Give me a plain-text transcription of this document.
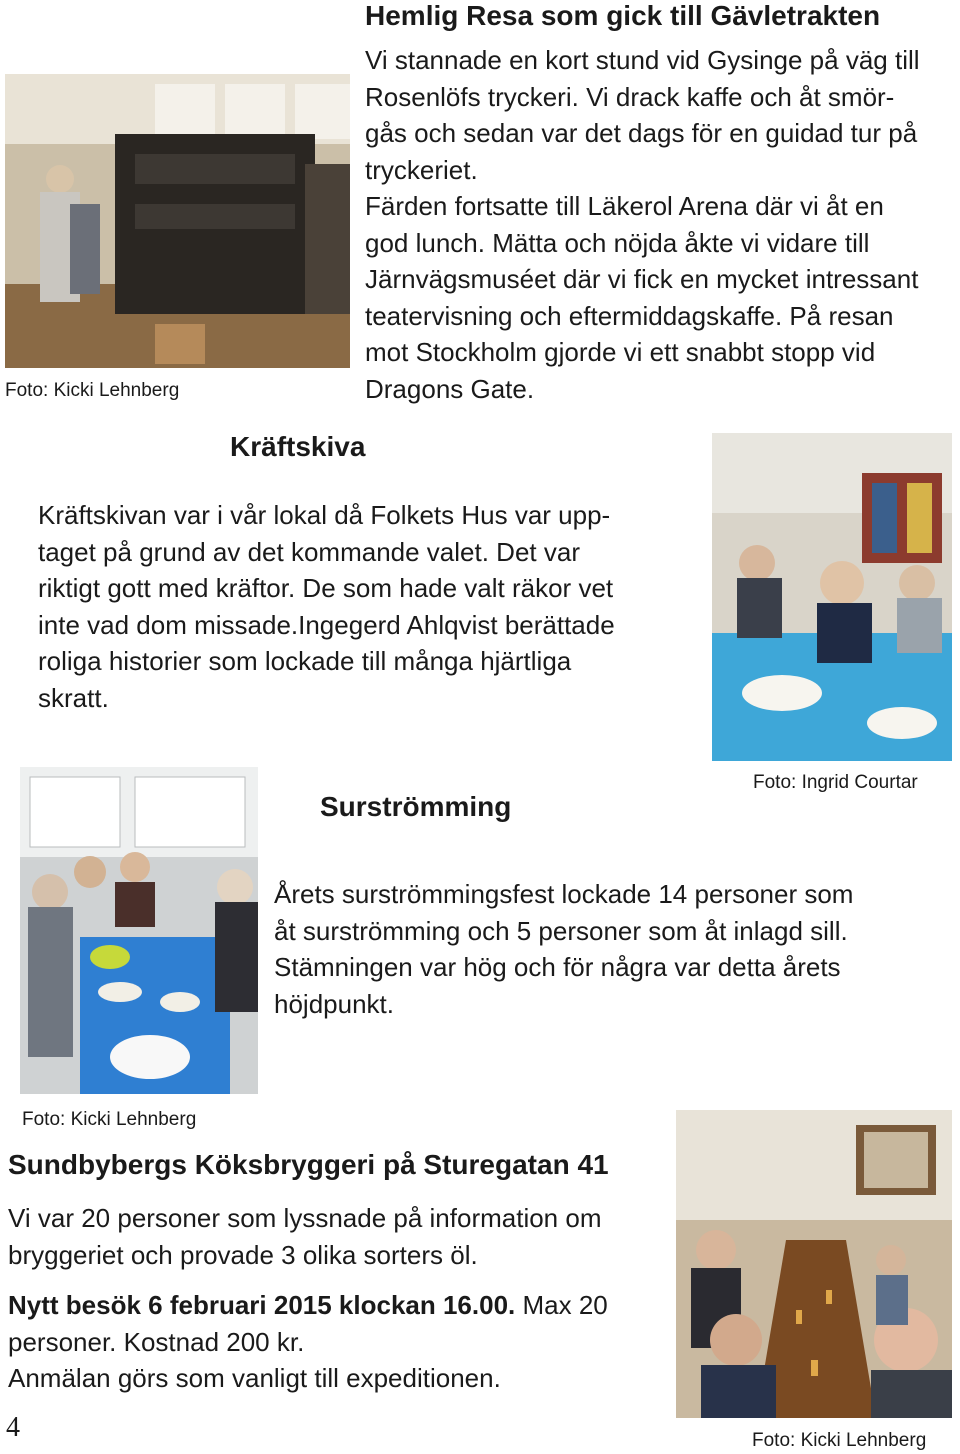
Hemlig Resa som gick till Gävletrakten
Foto: Kicki Lehnberg

Vi stannade en kort stund vid Gysinge på väg till
Rosenlöfs tryckeri. Vi drack kaffe och åt smör-
gås och sedan var det dags för en guidad tur på
tryckeriet.
Färden fortsatte till Läkerol Arena där vi åt en
god lunch. Mätta och nöjda åkte vi vidare till
Järnvägsmuséet där vi fick en mycket intressant
teatervisning och eftermiddagskaffe. På resan
mot Stockholm gjorde vi ett snabbt stopp vid
Dragons Gate.

Kräftskiva

Kräftskivan var i vår lokal då Folkets Hus var upp-
taget på grund av det kommande valet. Det var
riktigt gott med kräftor. De som hade valt räkor vet
inte vad dom missade.Ingegerd Ahlqvist berättade
roliga historier som lockade till många hjärtliga
skratt.

Foto: Ingrid Courtar
Surströmming

Årets surströmmingsfest lockade 14 personer som
åt surströmming och 5 personer som åt inlagd sill.
Stämningen var hög och för några var detta årets
höjdpunkt.

Foto: Kicki Lehnberg
Sundbybergs Köksbryggeri på Sturegatan 41

Vi var 20 personer som lyssnade på information om
bryggeriet och provade 3 olika sorters öl.

Nytt besök 6 februari 2015 klockan 16.00. Max 20
personer. Kostnad 200 kr.
Anmälan görs som vanligt till expeditionen.

Foto: Kicki Lehnberg
4
